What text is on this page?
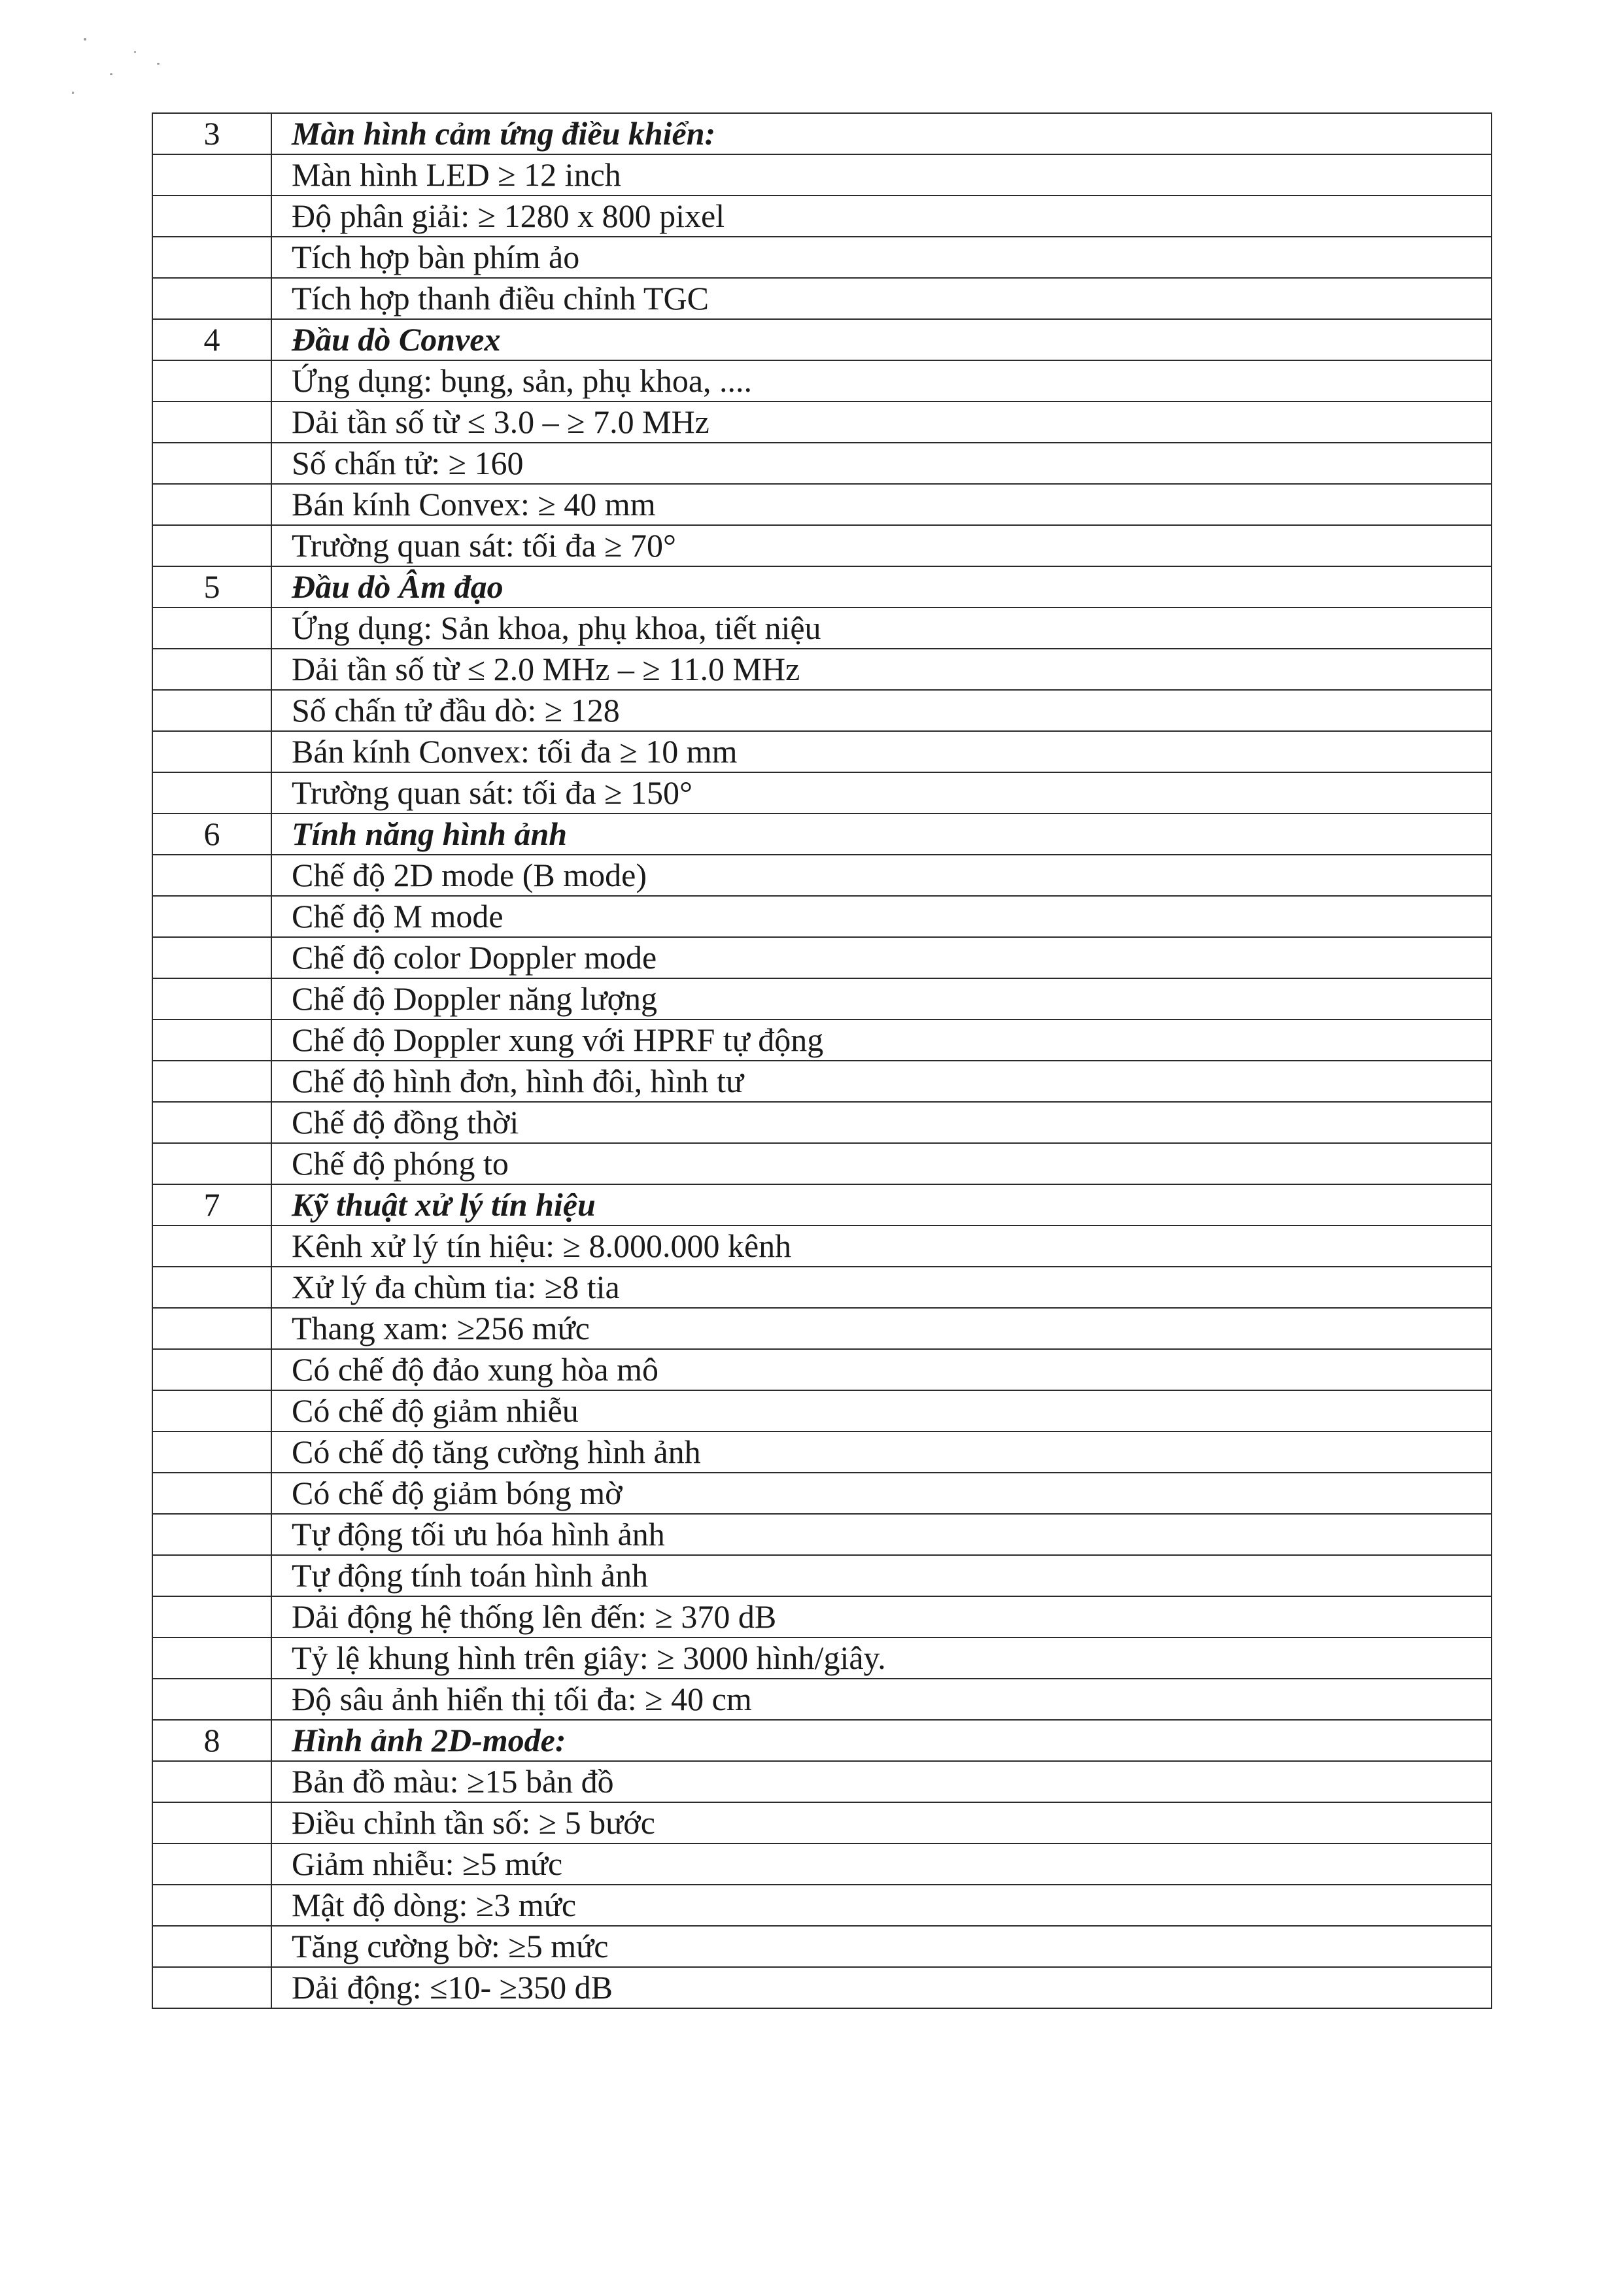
3	Màn hình cảm ứng điều khiển:
	Màn hình LED ≥ 12 inch
	Độ phân giải: ≥ 1280 x 800 pixel
	Tích hợp bàn phím ảo
	Tích hợp thanh điều chỉnh TGC
4	Đầu dò Convex
	Ứng dụng: bụng, sản, phụ khoa, ....
	Dải tần số từ ≤ 3.0 – ≥ 7.0 MHz
	Số chấn tử: ≥ 160
	Bán kính Convex: ≥ 40 mm
	Trường quan sát: tối đa ≥ 70°
5	Đầu dò Âm đạo
	Ứng dụng: Sản khoa, phụ khoa, tiết niệu
	Dải tần số từ ≤ 2.0 MHz – ≥ 11.0 MHz
	Số chấn tử đầu dò: ≥ 128
	Bán kính Convex: tối đa ≥ 10 mm
	Trường quan sát: tối đa ≥ 150°
6	Tính năng hình ảnh
	Chế độ 2D mode (B mode)
	Chế độ M mode
	Chế độ color Doppler mode
	Chế độ Doppler năng lượng
	Chế độ Doppler xung với HPRF tự động
	Chế độ hình đơn, hình đôi, hình tư
	Chế độ đồng thời
	Chế độ phóng to
7	Kỹ thuật xử lý tín hiệu
	Kênh xử lý tín hiệu: ≥ 8.000.000 kênh
	Xử lý đa chùm tia: ≥8 tia
	Thang xam: ≥256 mức
	Có chế độ đảo xung hòa mô
	Có chế độ giảm nhiễu
	Có chế độ tăng cường hình ảnh
	Có chế độ giảm bóng mờ
	Tự động tối ưu hóa hình ảnh
	Tự động tính toán hình ảnh
	Dải động hệ thống lên đến: ≥ 370 dB
	Tỷ lệ khung hình trên giây: ≥ 3000 hình/giây.
	Độ sâu ảnh hiển thị tối đa: ≥ 40 cm
8	Hình ảnh 2D-mode:
	Bản đồ màu: ≥15 bản đồ
	Điều chỉnh tần số: ≥ 5 bước
	Giảm nhiễu: ≥5 mức
	Mật độ dòng: ≥3 mức
	Tăng cường bờ: ≥5 mức
	Dải động: ≤10- ≥350 dB
